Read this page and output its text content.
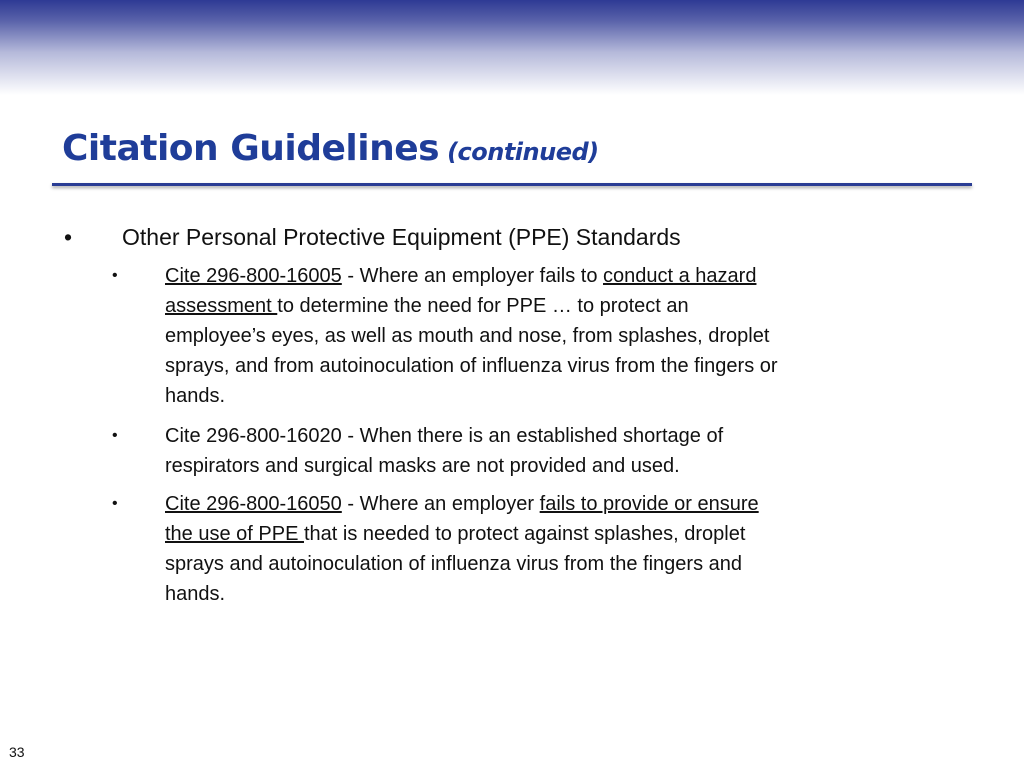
Citation Guidelines (continued)
• Other Personal Protective Equipment (PPE) Standards
• Cite 296-800-16005 - Where an employer fails to conduct a hazard
assessment to determine the need for PPE … to protect an
employee’s eyes, as well as mouth and nose, from splashes, droplet
sprays, and from autoinoculation of influenza virus from the fingers or
hands.
• Cite 296-800-16020 - When there is an established shortage of
respirators and surgical masks are not provided and used.
• Cite 296-800-16050 - Where an employer fails to provide or ensure
the use of PPE that is needed to protect against splashes, droplet
sprays and autoinoculation of influenza virus from the fingers and
hands.
33
